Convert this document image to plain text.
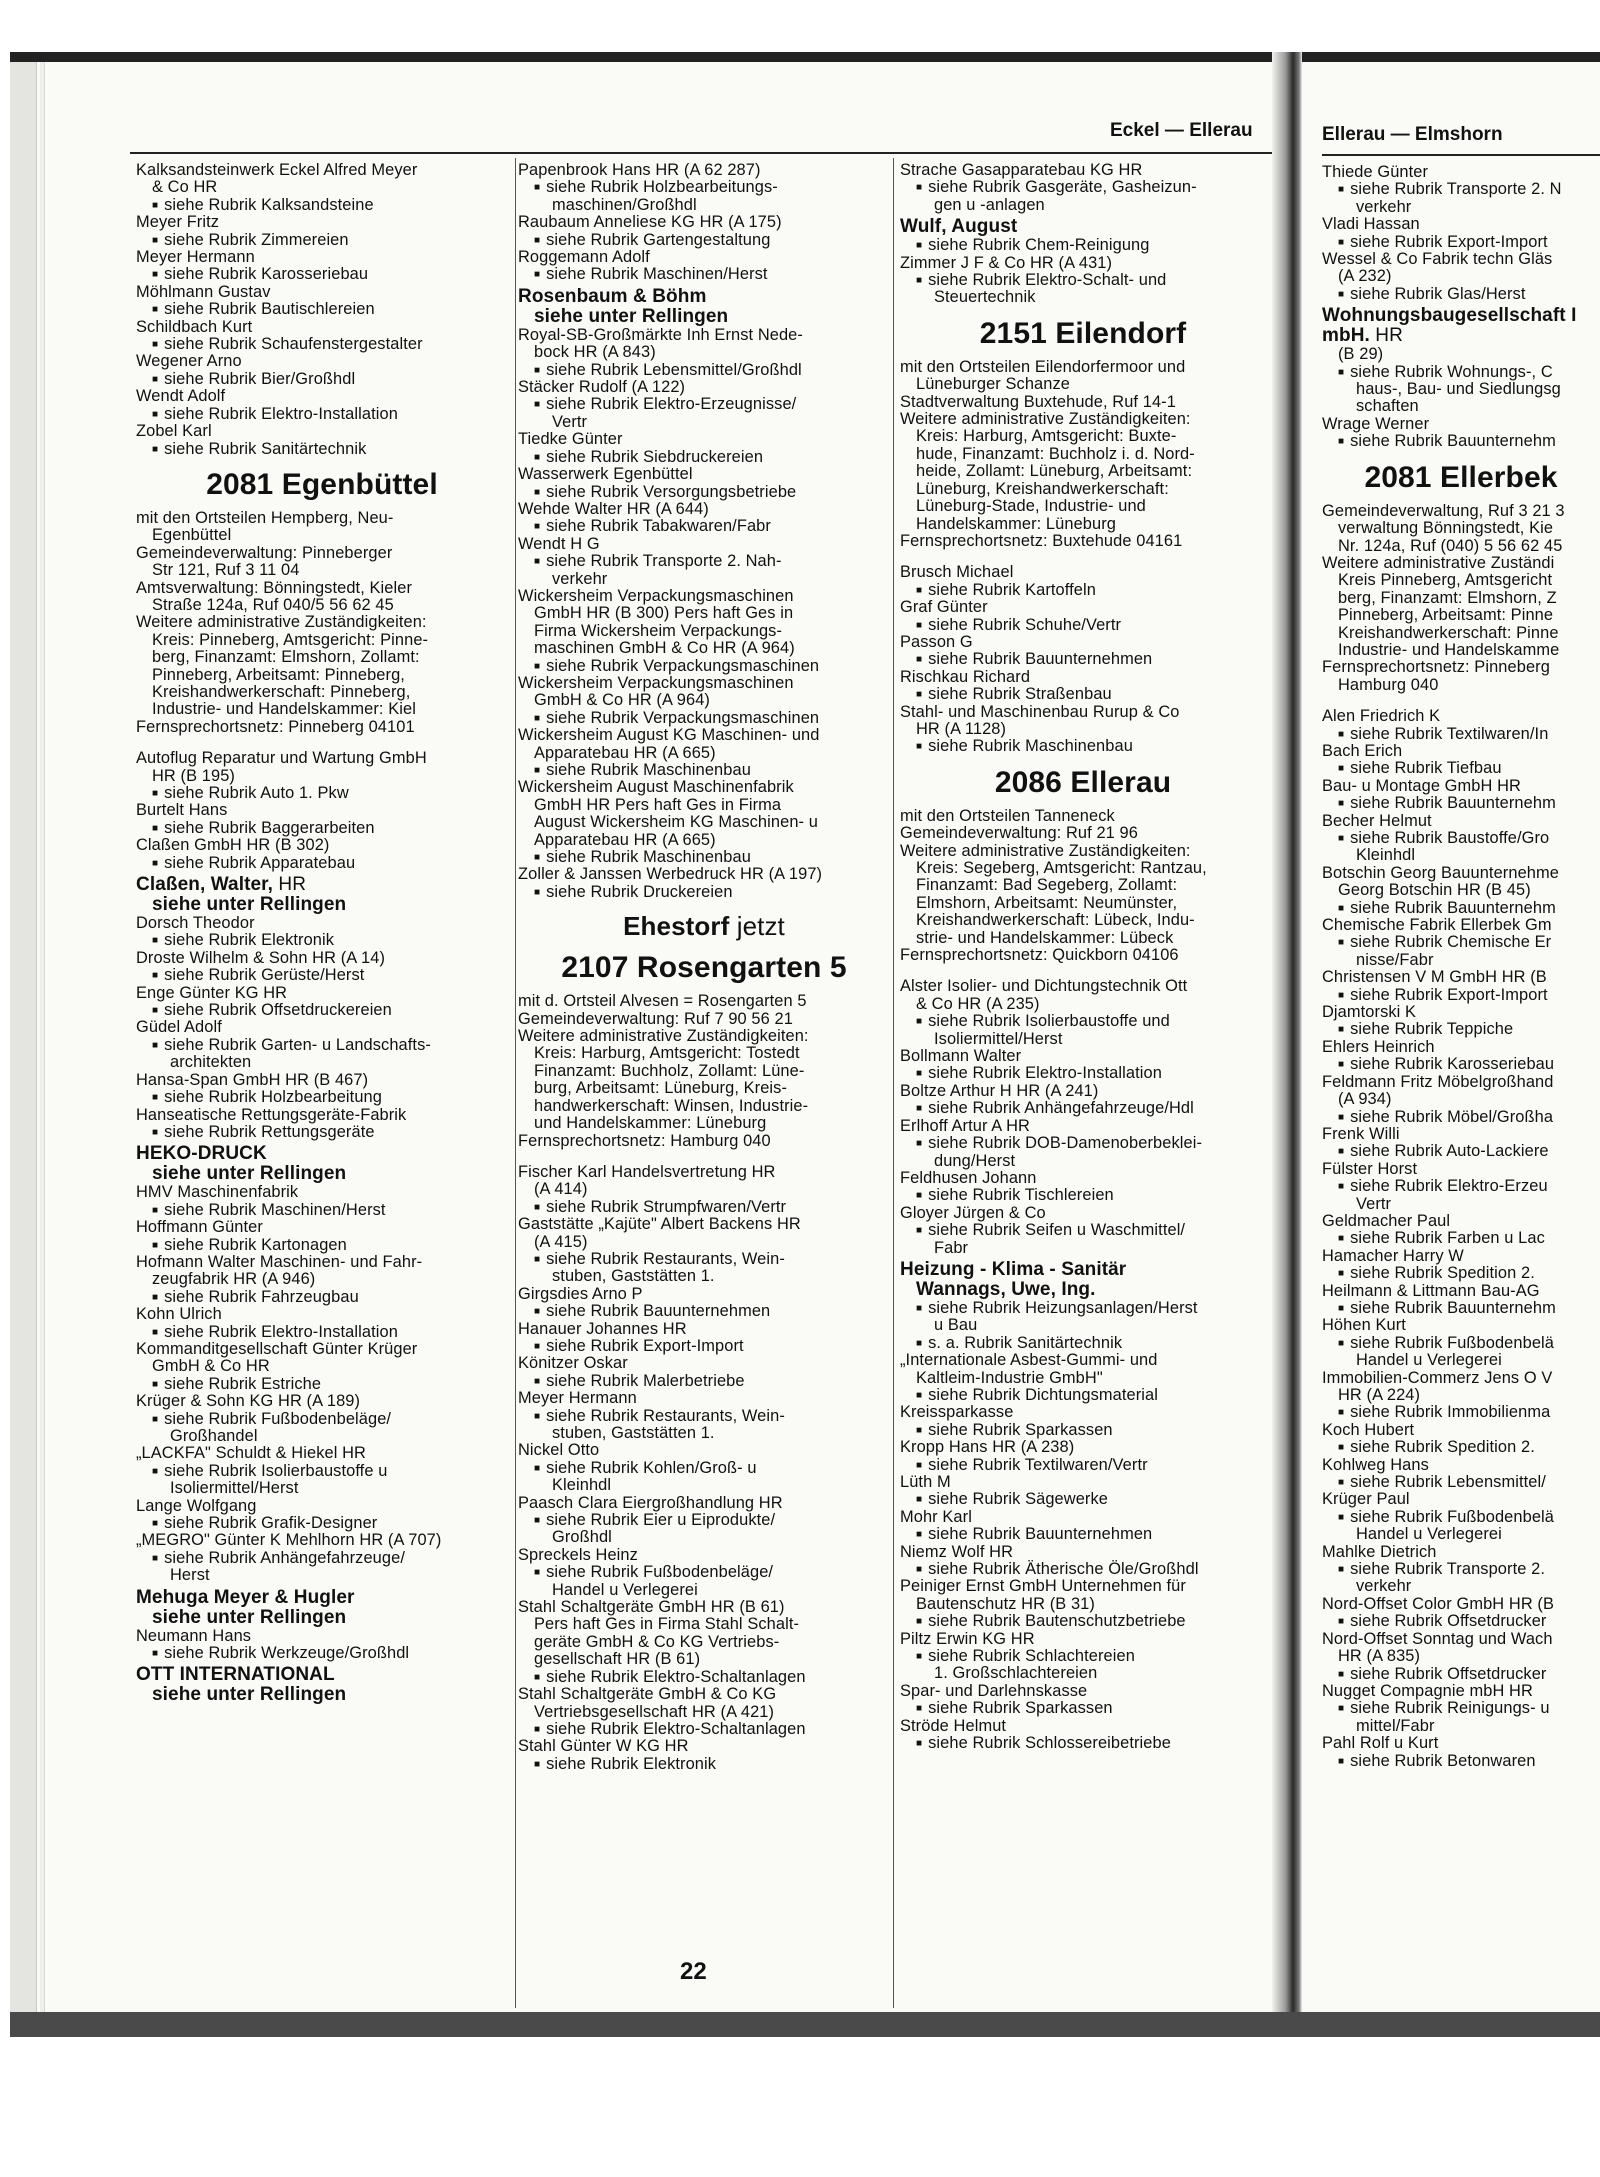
Eckel — Ellerau	Ellerau — Elmshorn
Kalksandsteinwerk Eckel Alfred Meyer
& Co HR
■ siehe Rubrik Kalksandsteine
Meyer Fritz
■ siehe Rubrik Zimmereien
Meyer Hermann
■ siehe Rubrik Karosseriebau
Möhlmann Gustav
■ siehe Rubrik Bautischlereien
Schildbach Kurt
■ siehe Rubrik Schaufenstergestalter
Wegener Arno
■ siehe Rubrik Bier/Großhdl
Wendt Adolf
■ siehe Rubrik Elektro-Installation
Zobel Karl
■ siehe Rubrik Sanitärtechnik
2081 Egenbüttel
mit den Ortsteilen Hempberg, Neu-
Egenbüttel
Gemeindeverwaltung: Pinneberger
Str 121, Ruf 3 11 04
Amtsverwaltung: Bönningstedt, Kieler
Straße 124a, Ruf 040/5 56 62 45
Weitere administrative Zuständigkeiten:
Kreis: Pinneberg, Amtsgericht: Pinne-
berg, Finanzamt: Elmshorn, Zollamt:
Pinneberg, Arbeitsamt: Pinneberg,
Kreishandwerkerschaft: Pinneberg,
Industrie- und Handelskammer: Kiel
Fernsprechortsnetz: Pinneberg 04101
Autoflug Reparatur und Wartung GmbH
HR (B 195)
■ siehe Rubrik Auto 1. Pkw
Burtelt Hans
■ siehe Rubrik Baggerarbeiten
Claßen GmbH HR (B 302)
■ siehe Rubrik Apparatebau
Claßen, Walter, HR
siehe unter Rellingen
Dorsch Theodor
■ siehe Rubrik Elektronik
Droste Wilhelm & Sohn HR (A 14)
■ siehe Rubrik Gerüste/Herst
Enge Günter KG HR
■ siehe Rubrik Offsetdruckereien
Güdel Adolf
■ siehe Rubrik Garten- u Landschafts-
architekten
Hansa-Span GmbH HR (B 467)
■ siehe Rubrik Holzbearbeitung
Hanseatische Rettungsgeräte-Fabrik
■ siehe Rubrik Rettungsgeräte
HEKO-DRUCK
siehe unter Rellingen
HMV Maschinenfabrik
■ siehe Rubrik Maschinen/Herst
Hoffmann Günter
■ siehe Rubrik Kartonagen
Hofmann Walter Maschinen- und Fahr-
zeugfabrik HR (A 946)
■ siehe Rubrik Fahrzeugbau
Kohn Ulrich
■ siehe Rubrik Elektro-Installation
Kommanditgesellschaft Günter Krüger
GmbH & Co HR
■ siehe Rubrik Estriche
Krüger & Sohn KG HR (A 189)
■ siehe Rubrik Fußbodenbeläge/
Großhandel
„LACKFA" Schuldt & Hiekel HR
■ siehe Rubrik Isolierbaustoffe u
Isoliermittel/Herst
Lange Wolfgang
■ siehe Rubrik Grafik-Designer
„MEGRO" Günter K Mehlhorn HR (A 707)
■ siehe Rubrik Anhängefahrzeuge/
Herst
Mehuga Meyer & Hugler
siehe unter Rellingen
Neumann Hans
■ siehe Rubrik Werkzeuge/Großhdl
OTT INTERNATIONAL
siehe unter Rellingen
Papenbrook Hans HR (A 62 287)
■ siehe Rubrik Holzbearbeitungs-
maschinen/Großhdl
Raubaum Anneliese KG HR (A 175)
■ siehe Rubrik Gartengestaltung
Roggemann Adolf
■ siehe Rubrik Maschinen/Herst
Rosenbaum & Böhm
siehe unter Rellingen
Royal-SB-Großmärkte Inh Ernst Nede-
bock HR (A 843)
■ siehe Rubrik Lebensmittel/Großhdl
Stäcker Rudolf (A 122)
■ siehe Rubrik Elektro-Erzeugnisse/
Vertr
Tiedke Günter
■ siehe Rubrik Siebdruckereien
Wasserwerk Egenbüttel
■ siehe Rubrik Versorgungsbetriebe
Wehde Walter HR (A 644)
■ siehe Rubrik Tabakwaren/Fabr
Wendt H G
■ siehe Rubrik Transporte 2. Nah-
verkehr
Wickersheim Verpackungsmaschinen
GmbH HR (B 300) Pers haft Ges in
Firma Wickersheim Verpackungs-
maschinen GmbH & Co HR (A 964)
■ siehe Rubrik Verpackungsmaschinen
Wickersheim Verpackungsmaschinen
GmbH & Co HR (A 964)
■ siehe Rubrik Verpackungsmaschinen
Wickersheim August KG Maschinen- und
Apparatebau HR (A 665)
■ siehe Rubrik Maschinenbau
Wickersheim August Maschinenfabrik
GmbH HR Pers haft Ges in Firma
August Wickersheim KG Maschinen- u
Apparatebau HR (A 665)
■ siehe Rubrik Maschinenbau
Zoller & Janssen Werbedruck HR (A 197)
■ siehe Rubrik Druckereien
Ehestorf jetzt
2107 Rosengarten 5
mit d. Ortsteil Alvesen = Rosengarten 5
Gemeindeverwaltung: Ruf 7 90 56 21
Weitere administrative Zuständigkeiten:
Kreis: Harburg, Amtsgericht: Tostedt
Finanzamt: Buchholz, Zollamt: Lüne-
burg, Arbeitsamt: Lüneburg, Kreis-
handwerkerschaft: Winsen, Industrie-
und Handelskammer: Lüneburg
Fernsprechortsnetz: Hamburg 040
Fischer Karl Handelsvertretung HR
(A 414)
■ siehe Rubrik Strumpfwaren/Vertr
Gaststätte „Kajüte" Albert Backens HR
(A 415)
■ siehe Rubrik Restaurants, Wein-
stuben, Gaststätten 1.
Girgsdies Arno P
■ siehe Rubrik Bauunternehmen
Hanauer Johannes HR
■ siehe Rubrik Export-Import
Könitzer Oskar
■ siehe Rubrik Malerbetriebe
Meyer Hermann
■ siehe Rubrik Restaurants, Wein-
stuben, Gaststätten 1.
Nickel Otto
■ siehe Rubrik Kohlen/Groß- u
Kleinhdl
Paasch Clara Eiergroßhandlung HR
■ siehe Rubrik Eier u Eiprodukte/
Großhdl
Spreckels Heinz
■ siehe Rubrik Fußbodenbeläge/
Handel u Verlegerei
Stahl Schaltgeräte GmbH HR (B 61)
Pers haft Ges in Firma Stahl Schalt-
geräte GmbH & Co KG Vertriebs-
gesellschaft HR (B 61)
■ siehe Rubrik Elektro-Schaltanlagen
Stahl Schaltgeräte GmbH & Co KG
Vertriebsgesellschaft HR (A 421)
■ siehe Rubrik Elektro-Schaltanlagen
Stahl Günter W KG HR
■ siehe Rubrik Elektronik
Strache Gasapparatebau KG HR
■ siehe Rubrik Gasgeräte, Gasheizun-
gen u -anlagen
Wulf, August
■ siehe Rubrik Chem-Reinigung
Zimmer J F & Co HR (A 431)
■ siehe Rubrik Elektro-Schalt- und
Steuertechnik
2151 Eilendorf
mit den Ortsteilen Eilendorfermoor und
Lüneburger Schanze
Stadtverwaltung Buxtehude, Ruf 14-1
Weitere administrative Zuständigkeiten:
Kreis: Harburg, Amtsgericht: Buxte-
hude, Finanzamt: Buchholz i. d. Nord-
heide, Zollamt: Lüneburg, Arbeitsamt:
Lüneburg, Kreishandwerkerschaft:
Lüneburg-Stade, Industrie- und
Handelskammer: Lüneburg
Fernsprechortsnetz: Buxtehude 04161
Brusch Michael
■ siehe Rubrik Kartoffeln
Graf Günter
■ siehe Rubrik Schuhe/Vertr
Passon G
■ siehe Rubrik Bauunternehmen
Rischkau Richard
■ siehe Rubrik Straßenbau
Stahl- und Maschinenbau Rurup & Co
HR (A 1128)
■ siehe Rubrik Maschinenbau
2086 Ellerau
mit den Ortsteilen Tanneneck
Gemeindeverwaltung: Ruf 21 96
Weitere administrative Zuständigkeiten:
Kreis: Segeberg, Amtsgericht: Rantzau,
Finanzamt: Bad Segeberg, Zollamt:
Elmshorn, Arbeitsamt: Neumünster,
Kreishandwerkerschaft: Lübeck, Indu-
strie- und Handelskammer: Lübeck
Fernsprechortsnetz: Quickborn 04106
Alster Isolier- und Dichtungstechnik Ott
& Co HR (A 235)
■ siehe Rubrik Isolierbaustoffe und
Isoliermittel/Herst
Bollmann Walter
■ siehe Rubrik Elektro-Installation
Boltze Arthur H HR (A 241)
■ siehe Rubrik Anhängefahrzeuge/Hdl
Erlhoff Artur A HR
■ siehe Rubrik DOB-Damenoberbeklei-
dung/Herst
Feldhusen Johann
■ siehe Rubrik Tischlereien
Gloyer Jürgen & Co
■ siehe Rubrik Seifen u Waschmittel/
Fabr
Heizung - Klima - Sanitär
Wannags, Uwe, Ing.
■ siehe Rubrik Heizungsanlagen/Herst
u Bau
■ s. a. Rubrik Sanitärtechnik
„Internationale Asbest-Gummi- und
Kaltleim-Industrie GmbH"
■ siehe Rubrik Dichtungsmaterial
Kreissparkasse
■ siehe Rubrik Sparkassen
Kropp Hans HR (A 238)
■ siehe Rubrik Textilwaren/Vertr
Lüth M
■ siehe Rubrik Sägewerke
Mohr Karl
■ siehe Rubrik Bauunternehmen
Niemz Wolf HR
■ siehe Rubrik Ätherische Öle/Großhdl
Peiniger Ernst GmbH Unternehmen für
Bautenschutz HR (B 31)
■ siehe Rubrik Bautenschutzbetriebe
Piltz Erwin KG HR
■ siehe Rubrik Schlachtereien
1. Großschlachtereien
Spar- und Darlehnskasse
■ siehe Rubrik Sparkassen
Ströde Helmut
■ siehe Rubrik Schlossereibetriebe
Thiede Günter
■ siehe Rubrik Transporte 2. N
verkehr
Vladi Hassan
■ siehe Rubrik Export-Import
Wessel & Co Fabrik techn Gläs
(A 232)
■ siehe Rubrik Glas/Herst
Wohnungsbaugesellschaft I
mbH. HR
(B 29)
■ siehe Rubrik Wohnungs-, C
haus-, Bau- und Siedlungsg
schaften
Wrage Werner
■ siehe Rubrik Bauunternehm
2081 Ellerbek
Gemeindeverwaltung, Ruf 3 21 3
verwaltung Bönningstedt, Kie
Nr. 124a, Ruf (040) 5 56 62 45
Weitere administrative Zuständi
Kreis Pinneberg, Amtsgericht
berg, Finanzamt: Elmshorn, Z
Pinneberg, Arbeitsamt: Pinne
Kreishandwerkerschaft: Pinne
Industrie- und Handelskamme
Fernsprechortsnetz: Pinneberg
Hamburg 040
Alen Friedrich K
■ siehe Rubrik Textilwaren/In
Bach Erich
■ siehe Rubrik Tiefbau
Bau- u Montage GmbH HR
■ siehe Rubrik Bauunternehm
Becher Helmut
■ siehe Rubrik Baustoffe/Gro
Kleinhdl
Botschin Georg Bauunternehme
Georg Botschin HR (B 45)
■ siehe Rubrik Bauunternehm
Chemische Fabrik Ellerbek Gm
■ siehe Rubrik Chemische Er
nisse/Fabr
Christensen V M GmbH HR (B
■ siehe Rubrik Export-Import
Djamtorski K
■ siehe Rubrik Teppiche
Ehlers Heinrich
■ siehe Rubrik Karosseriebau
Feldmann Fritz Möbelgroßhand
(A 934)
■ siehe Rubrik Möbel/Großha
Frenk Willi
■ siehe Rubrik Auto-Lackiere
Fülster Horst
■ siehe Rubrik Elektro-Erzeu
Vertr
Geldmacher Paul
■ siehe Rubrik Farben u Lac
Hamacher Harry W
■ siehe Rubrik Spedition 2.
Heilmann & Littmann Bau-AG
■ siehe Rubrik Bauunternehm
Höhen Kurt
■ siehe Rubrik Fußbodenbelä
Handel u Verlegerei
Immobilien-Commerz Jens O V
HR (A 224)
■ siehe Rubrik Immobilienma
Koch Hubert
■ siehe Rubrik Spedition 2.
Kohlweg Hans
■ siehe Rubrik Lebensmittel/
Krüger Paul
■ siehe Rubrik Fußbodenbelä
Handel u Verlegerei
Mahlke Dietrich
■ siehe Rubrik Transporte 2.
verkehr
Nord-Offset Color GmbH HR (B
■ siehe Rubrik Offsetdrucker
Nord-Offset Sonntag und Wach
HR (A 835)
■ siehe Rubrik Offsetdrucker
Nugget Compagnie mbH HR
■ siehe Rubrik Reinigungs- u
mittel/Fabr
Pahl Rolf u Kurt
■ siehe Rubrik Betonwaren
22
